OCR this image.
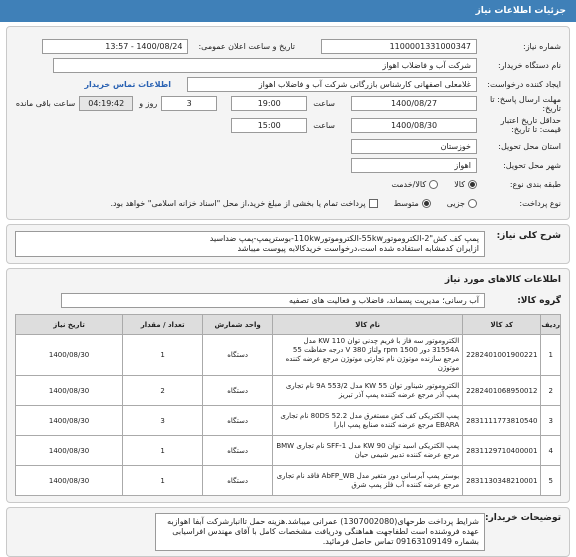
جزئیات اطلاعات نیاز
شماره نیاز:
1100001331000347
تاریخ و ساعت اعلان عمومی:
1400/08/24 - 13:57
نام دستگاه خریدار:
شرکت آب و فاضلاب اهواز
ایجاد کننده درخواست:
غلامعلی اصفهانی کارشناس بازرگانی شرکت آب و فاضلاب اهواز
اطلاعات تماس خریدار
مهلت ارسال پاسخ: تا تاریخ:
1400/08/27
ساعت
19:00
3
روز و
04:19:42
ساعت باقی مانده
حداقل تاریخ اعتبار قیمت: تا تاریخ:
1400/08/30
ساعت
15:00
استان محل تحویل:
خوزستان
شهر محل تحویل:
اهواز
طبقه بندی نوع:
کالا
کالا/خدمت
نوع پرداخت:
جزیی
متوسط
پرداخت تمام یا بخشی از مبلغ خرید،از محل "اسناد خزانه اسلامی" خواهد بود.
شرح کلی نیاز:
پمپ کف کش"2-الکتروموتور55kw-الکتروموتور110kw-بوسترپمپ-پمپ ضداسید
ازایران کدمشابه استفاده شده است،درخواست خریدکالابه پیوست میباشد
اطلاعات کالاهای مورد نیاز
گروه کالا:
آب رسانی؛ مدیریت پسماند، فاضلاب و فعالیت های تصفیه
ردیف	کد کالا	نام کالا	واحد شمارش	تعداد / مقدار	تاریخ نیاز
1	2282401001900221	الکتروموتور سه فاز با فریم چدنی توان 110 KW مدل 31554A دور 1500 rpm ولتاژ 380 V درجه حفاظت 55 مرجع سازنده موتوژن نام تجارتی موتوژن مرجع عرضه کننده موتوژن	دستگاه	1	1400/08/30
2	2282401068950012	الکتروموتور شیناور توان 55 KW مدل 553/2 9A نام تجاری پمپ آذر مرجع عرضه کننده پمپ آذر تبریز	دستگاه	2	1400/08/30
3	2831111773810540	پمپ الکتریکی کف کش مستغرق مدل 52.2 80DS نام تجاری EBARA مرجع عرضه کننده صنایع پمپ ابارا	دستگاه	3	1400/08/30
4	2831129710400001	پمپ الکتریکی اسید توان 90 KW مدل SFF-1 نام تجاری BMW مرجع عرضه کننده تدبیر شیمی حیان	دستگاه	1	1400/08/30
5	2831130348210001	بوستر پمپ آبرسانی دور متغیر مدل AbFP_WB فاقد نام تجاری مرجع عرضه کننده آب فلز پمپ شرق	دستگاه	1	1400/08/30
توضیحات خریدار:
شرایط پرداخت طرحهای(1307002080) عمرانی میباشد.هزینه حمل تاانبارشرکت آبفا اهوازبه عهده فروشنده است لطفاجهت هماهنگی ودریافت مشخصات کامل با آقای مهندس افراسیابی بشماره 09163109149 تماس حاصل فرمائید.
